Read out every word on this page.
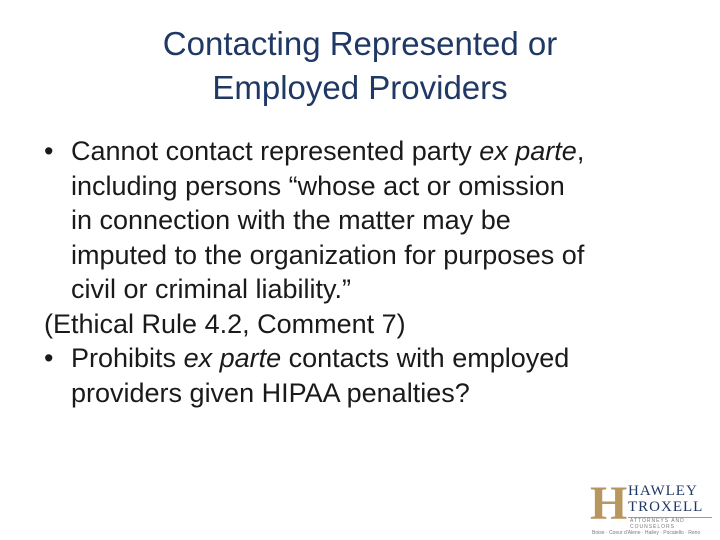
Contacting Represented or
Employed Providers
• Cannot contact represented party ex parte,
including persons “whose act or omission
in connection with the matter may be
imputed to the organization for purposes of
civil or criminal liability.”
(Ethical Rule 4.2, Comment 7)
• Prohibits ex parte contacts with employed
providers given HIPAA penalties?
H HAWLEY
TROXELL
ATTORNEYS AND COUNSELORS
Boise · Coeur d'Alene · Hailey · Pocatello · Reno
